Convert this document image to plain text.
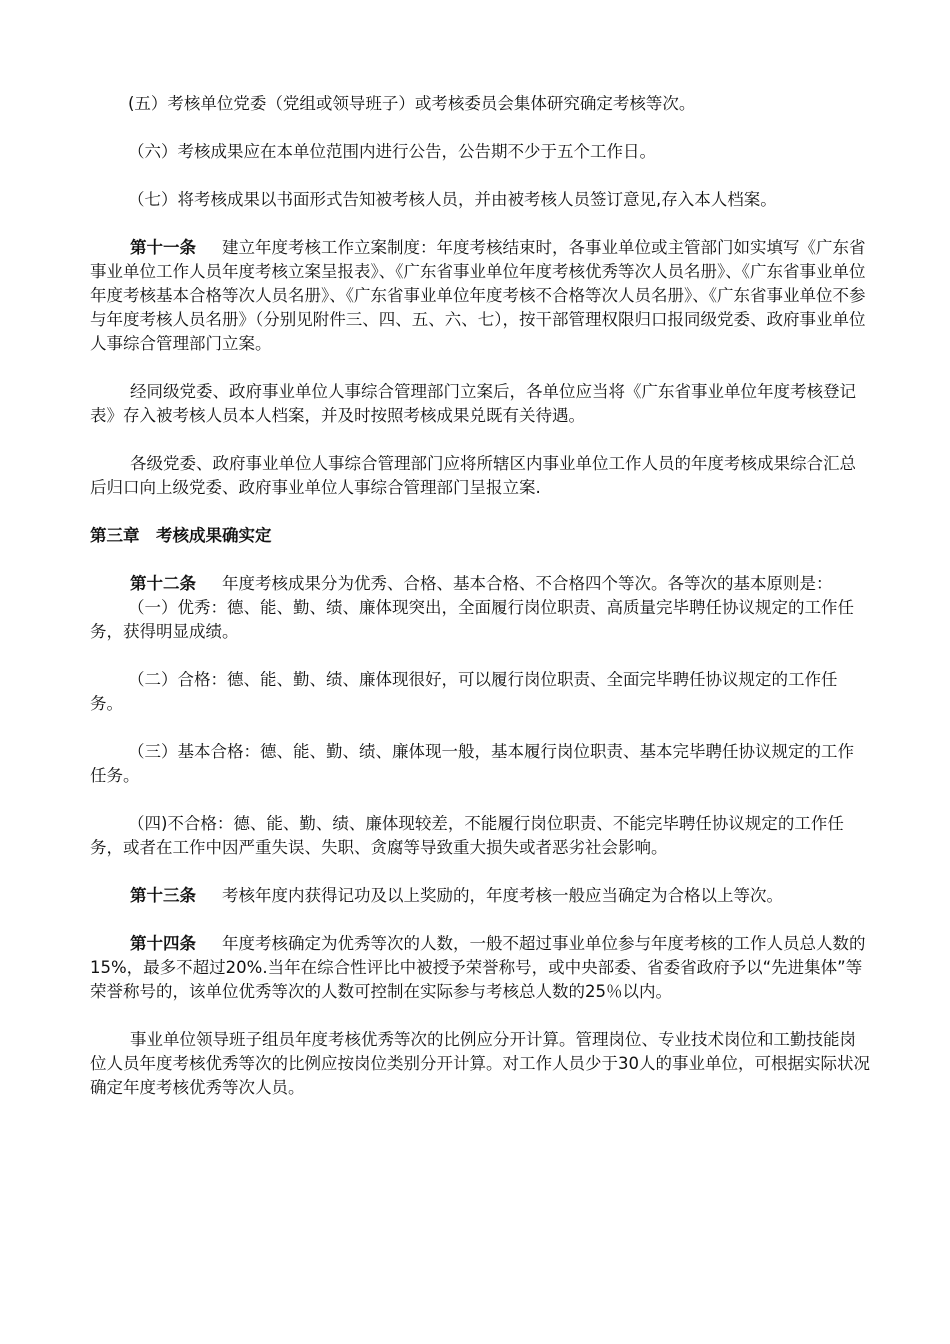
(五）考核单位党委（党组或领导班子）或考核委员会集体研究确定考核等次。

（六）考核成果应在本单位范围内进行公告，公告期不少于五个工作日。

（七）将考核成果以书面形式告知被考核人员，并由被考核人员签订意见,存入本人档案。

第十一条 建立年度考核工作立案制度：年度考核结束时，各事业单位或主管部门如实填写《广东省事业单位工作人员年度考核立案呈报表》、《广东省事业单位年度考核优秀等次人员名册》、《广东省事业单位年度考核基本合格等次人员名册》、《广东省事业单位年度考核不合格等次人员名册》、《广东省事业单位不参与年度考核人员名册》（分别见附件三、四、五、六、七），按干部管理权限归口报同级党委、政府事业单位人事综合管理部门立案。

经同级党委、政府事业单位人事综合管理部门立案后，各单位应当将《广东省事业单位年度考核登记表》存入被考核人员本人档案，并及时按照考核成果兑既有关待遇。

各级党委、政府事业单位人事综合管理部门应将所辖区内事业单位工作人员的年度考核成果综合汇总后归口向上级党委、政府事业单位人事综合管理部门呈报立案.

第三章　考核成果确实定

第十二条 年度考核成果分为优秀、合格、基本合格、不合格四个等次。各等次的基本原则是：

（一）优秀：德、能、勤、绩、廉体现突出，全面履行岗位职责、高质量完毕聘任协议规定的工作任务，获得明显成绩。

（二）合格：德、能、勤、绩、廉体现很好，可以履行岗位职责、全面完毕聘任协议规定的工作任务。

（三）基本合格：德、能、勤、绩、廉体现一般，基本履行岗位职责、基本完毕聘任协议规定的工作任务。

（四)不合格：德、能、勤、绩、廉体现较差，不能履行岗位职责、不能完毕聘任协议规定的工作任务，或者在工作中因严重失误、失职、贪腐等导致重大损失或者恶劣社会影响。

第十三条 考核年度内获得记功及以上奖励的，年度考核一般应当确定为合格以上等次。

第十四条 年度考核确定为优秀等次的人数，一般不超过事业单位参与年度考核的工作人员总人数的15%，最多不超过20%.当年在综合性评比中被授予荣誉称号，或中央部委、省委省政府予以“先进集体”等荣誉称号的，该单位优秀等次的人数可控制在实际参与考核总人数的25％以内。

事业单位领导班子组员年度考核优秀等次的比例应分开计算。管理岗位、专业技术岗位和工勤技能岗位人员年度考核优秀等次的比例应按岗位类别分开计算。对工作人员少于30人的事业单位，可根据实际状况确定年度考核优秀等次人员。
